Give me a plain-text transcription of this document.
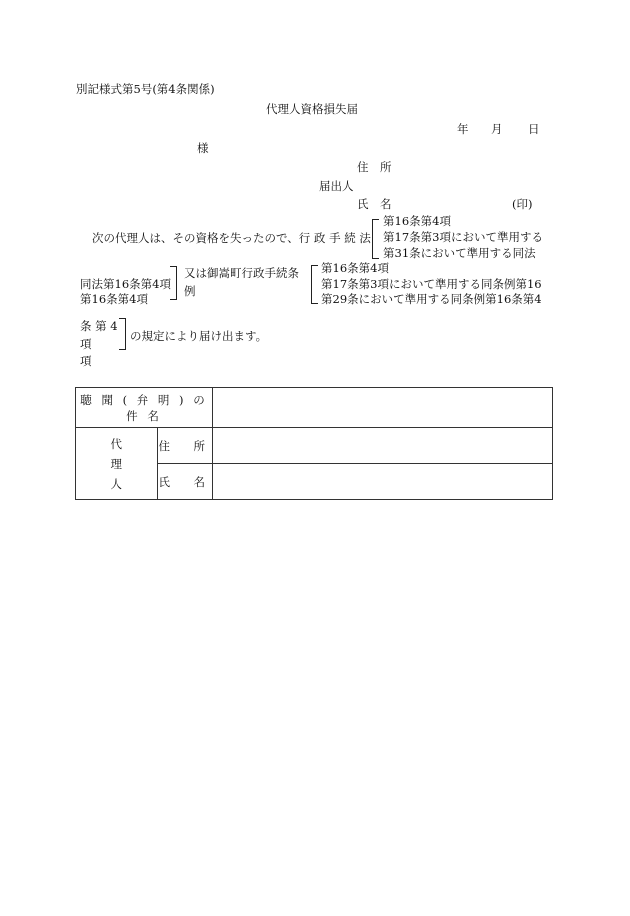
別記様式第5号(第4条関係)
代理人資格損失届
年 月 日
様
住　所
届出人
氏　名	(印)
次の代理人は、その資格を失ったので、行 政 手 続 法
第16条第4項
第17条第3項において準用する
第31条において準用する同法
同法第16条第4項
第16条第4項
又は御嵩町行政手続条
例
第16条第4項
第17条第3項において準用する同条例第16
第29条において準用する同条例第16条第4
条 第 4
項
項
の規定により届け出ます。
聴 聞 ( 弁 明 ) の 件 名		

代
理
人	住　所	
	氏　名	
